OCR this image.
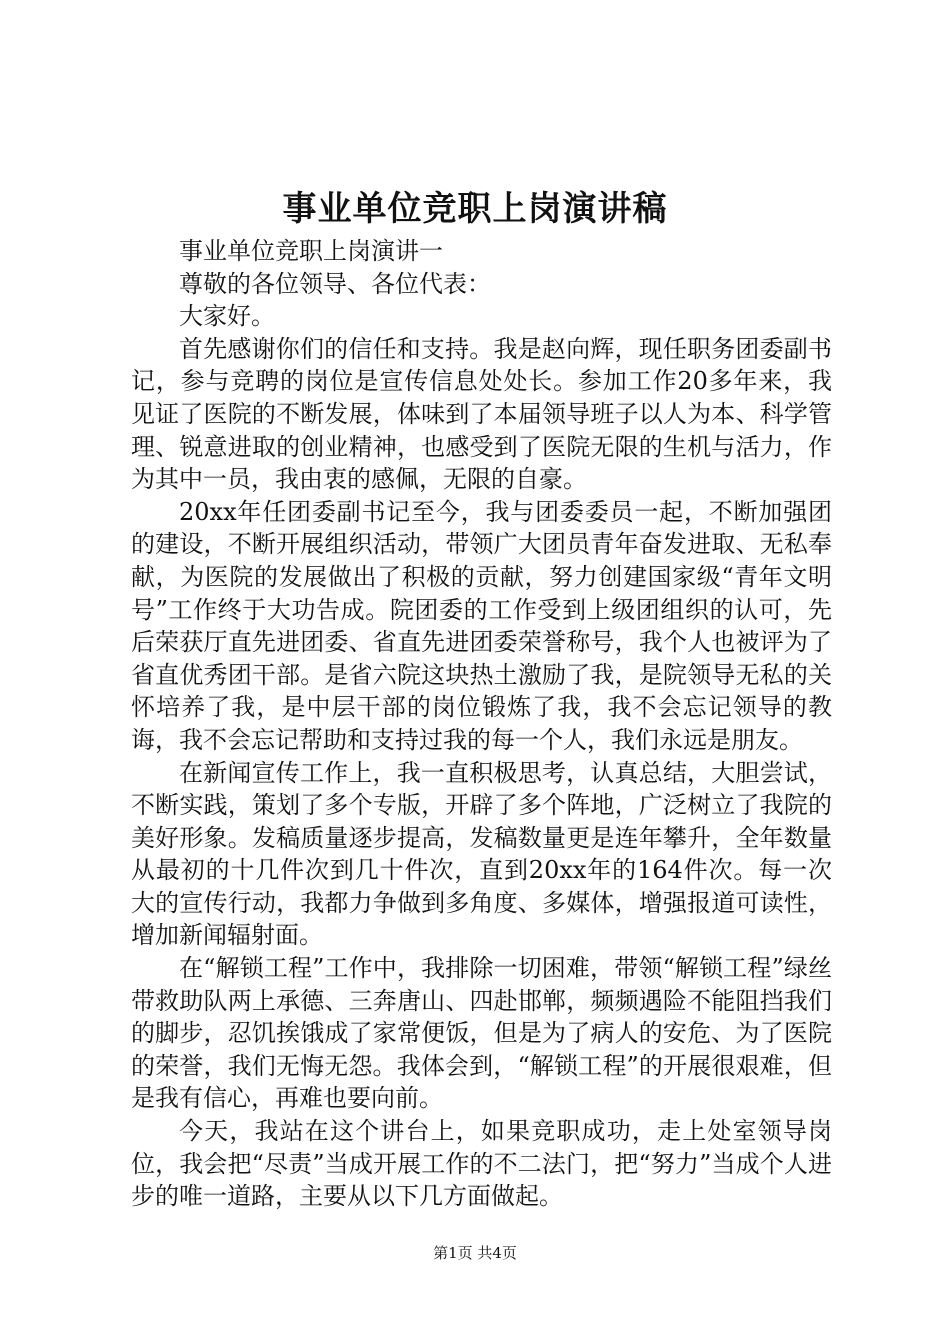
事业单位竞职上岗演讲稿

事业单位竞职上岗演讲一

尊敬的各位领导、各位代表：

大家好。

首先感谢你们的信任和支持。我是赵向辉，现任职务团委副书记，参与竞聘的岗位是宣传信息处处长。参加工作20多年来，我见证了医院的不断发展，体味到了本届领导班子以人为本、科学管理、锐意进取的创业精神，也感受到了医院无限的生机与活力，作为其中一员，我由衷的感佩，无限的自豪。

20xx年任团委副书记至今，我与团委委员一起，不断加强团的建设，不断开展组织活动，带领广大团员青年奋发进取、无私奉献，为医院的发展做出了积极的贡献，努力创建国家级“青年文明号”工作终于大功告成。院团委的工作受到上级团组织的认可，先后荣获厅直先进团委、省直先进团委荣誉称号，我个人也被评为了省直优秀团干部。是省六院这块热土激励了我，是院领导无私的关怀培养了我，是中层干部的岗位锻炼了我，我不会忘记领导的教诲，我不会忘记帮助和支持过我的每一个人，我们永远是朋友。

在新闻宣传工作上，我一直积极思考，认真总结，大胆尝试，不断实践，策划了多个专版，开辟了多个阵地，广泛树立了我院的美好形象。发稿质量逐步提高，发稿数量更是连年攀升，全年数量从最初的十几件次到几十件次，直到20xx年的164件次。每一次大的宣传行动，我都力争做到多角度、多媒体，增强报道可读性，增加新闻辐射面。

在“解锁工程”工作中，我排除一切困难，带领“解锁工程”绿丝带救助队两上承德、三奔唐山、四赴邯郸，频频遇险不能阻挡我们的脚步，忍饥挨饿成了家常便饭，但是为了病人的安危、为了医院的荣誉，我们无悔无怨。我体会到，“解锁工程”的开展很艰难，但是我有信心，再难也要向前。

今天，我站在这个讲台上，如果竞职成功，走上处室领导岗位，我会把“尽责”当成开展工作的不二法门，把“努力”当成个人进步的唯一道路，主要从以下几方面做起。

第1页 共4页
